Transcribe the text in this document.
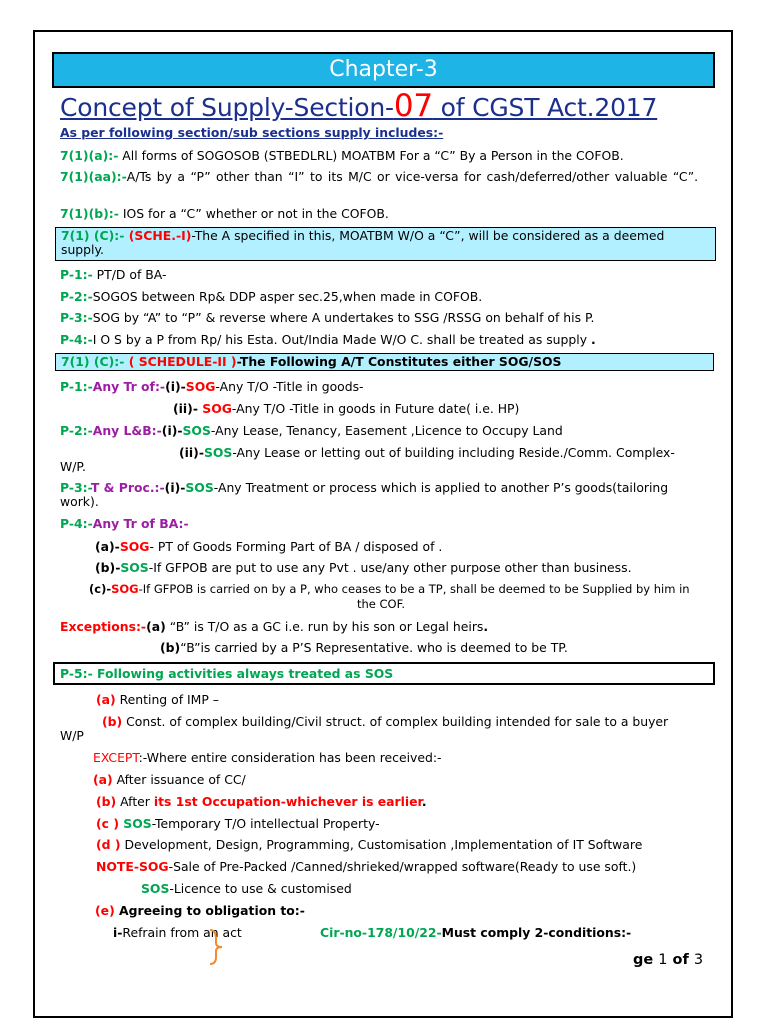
Chapter-3
Concept of Supply-Section-07 of CGST Act.2017
As per following section/sub sections supply includes:-
7(1)(a):- All forms of SOGOSOB (STBEDLRL) MOATBM For a “C” By a Person in the COFOB.
7(1)(aa):-A/Ts by a “P” other than “I” to its M/C or vice-versa for cash/deferred/other valuable “C”.
7(1)(b):- IOS for a “C” whether or not in the COFOB.
7(1) (C):- (SCHE.-I)-The A specified in this, MOATBM W/O a “C”, will be considered as a deemed supply.
P-1:- PT/D of BA-
P-2:-SOGOS between Rp& DDP asper sec.25,when made in COFOB.
P-3:-SOG by “A” to “P” & reverse where A undertakes to SSG /RSSG on behalf of his P.
P-4:-I O S by a P from Rp/ his Esta. Out/India Made W/O C. shall be treated as supply .
7(1) (C):- ( SCHEDULE-II )-The Following A/T Constitutes either SOG/SOS
P-1:-Any Tr of:-(i)-SOG-Any T/O -Title in goods-
(ii)- SOG-Any T/O -Title in goods in Future date( i.e. HP)
P-2:-Any L&B:-(i)-SOS-Any Lease, Tenancy, Easement ,Licence to Occupy Land
(ii)-SOS-Any Lease or letting out of building including Reside./Comm. Complex-
W/P.
P-3:-T & Proc.:-(i)-SOS-Any Treatment or process which is applied to another P’s goods(tailoring work).
P-4:-Any Tr of BA:-
(a)-SOG- PT of Goods Forming Part of BA / disposed of .
(b)-SOS-If GFPOB are put to use any Pvt . use/any other purpose other than business.
(c)-SOG-If GFPOB is carried on by a P, who ceases to be a TP, shall be deemed to be Supplied by him in
the COF.
Exceptions:-(a) “B” is T/O as a GC i.e. run by his son or Legal heirs.
(b)“B”is carried by a P’S Representative. who is deemed to be TP.
P-5:- Following activities always treated as SOS
(a) Renting of IMP –
(b) Const. of complex building/Civil struct. of complex building intended for sale to a buyer
W/P
EXCEPT:-Where entire consideration has been received:-
(a) After issuance of CC/
(b) After its 1st Occupation-whichever is earlier.
(c ) SOS-Temporary T/O intellectual Property-
(d ) Development, Design, Programming, Customisation ,Implementation of IT Software
NOTE-SOG-Sale of Pre-Packed /Canned/shrieked/wrapped software(Ready to use soft.)
SOS-Licence to use & customised
(e) Agreeing to obligation to:-
i-Refrain from an act	Cir-no-178/10/22-Must comply 2-conditions:-
ge 1 of 3
